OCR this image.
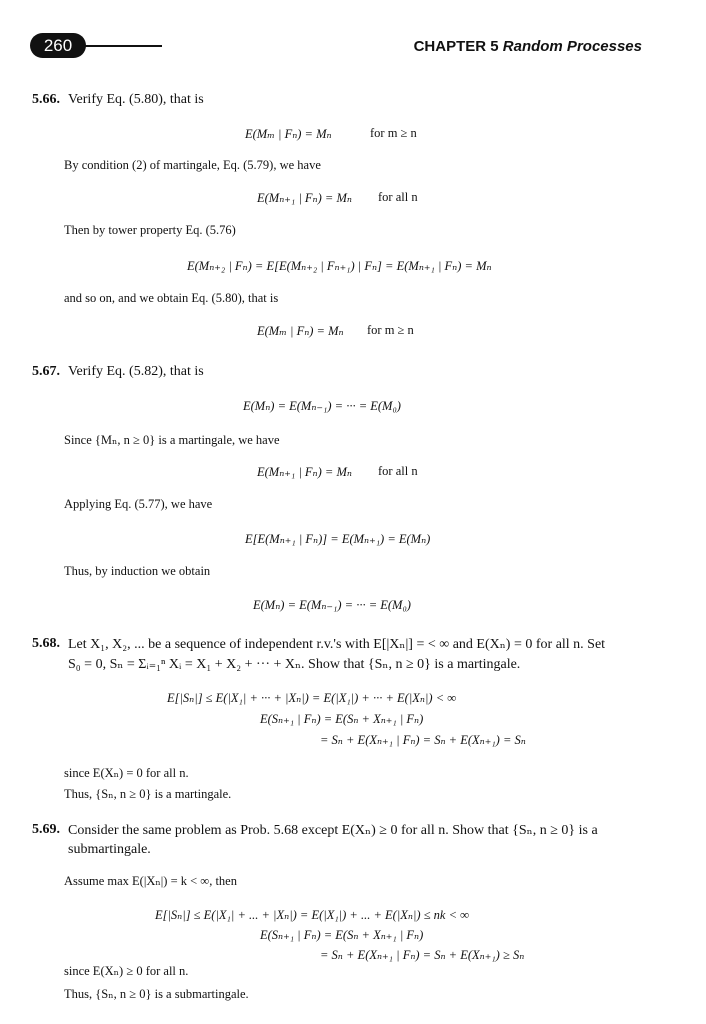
260	CHAPTER 5 Random Processes
5.66. Verify Eq. (5.80), that is
E(Mₘ | Fₙ) = Mₙ	for m ≥ n
By condition (2) of martingale, Eq. (5.79), we have
E(Mₙ₊₁ | Fₙ) = Mₙ for all n
Then by tower property Eq. (5.76)
E(Mₙ₊₂ | Fₙ) = E[E(Mₙ₊₂ | Fₙ₊₁) | Fₙ] = E(Mₙ₊₁ | Fₙ) = Mₙ
and so on, and we obtain Eq. (5.80), that is
E(Mₘ | Fₙ) = Mₙ for m ≥ n
5.67. Verify Eq. (5.82), that is
E(Mₙ) = E(Mₙ₋₁) = ··· = E(M₀)
Since {Mₙ, n ≥ 0} is a martingale, we have
E(Mₙ₊₁ | Fₙ) = Mₙ for all n
Applying Eq. (5.77), we have
E[E(Mₙ₊₁ | Fₙ)] = E(Mₙ₊₁) = E(Mₙ)
Thus, by induction we obtain
E(Mₙ) = E(Mₙ₋₁) = ··· = E(M₀)
5.68. Let X₁, X₂, ... be a sequence of independent r.v.'s with E[|Xₙ|] = < ∞ and E(Xₙ) = 0 for all n. Set
S₀ = 0, Sₙ = Σᵢ₌₁ⁿ Xᵢ = X₁ + X₂ + ··· + Xₙ. Show that {Sₙ, n ≥ 0} is a martingale.
E[|Sₙ|] ≤ E(|X₁| + ··· + |Xₙ|) = E(|X₁|) + ··· + E(|Xₙ|) < ∞
E(Sₙ₊₁ | Fₙ) = E(Sₙ + Xₙ₊₁ | Fₙ)
= Sₙ + E(Xₙ₊₁ | Fₙ) = Sₙ + E(Xₙ₊₁) = Sₙ
since E(Xₙ) = 0 for all n.
Thus, {Sₙ, n ≥ 0} is a martingale.
5.69. Consider the same problem as Prob. 5.68 except E(Xₙ) ≥ 0 for all n. Show that {Sₙ, n ≥ 0} is a
submartingale.
Assume max E(|Xₙ|) = k < ∞, then
E[|Sₙ|] ≤ E(|X₁| + ... + |Xₙ|) = E(|X₁|) + ... + E(|Xₙ|) ≤ nk < ∞
E(Sₙ₊₁ | Fₙ) = E(Sₙ + Xₙ₊₁ | Fₙ)
= Sₙ + E(Xₙ₊₁ | Fₙ) = Sₙ + E(Xₙ₊₁) ≥ Sₙ
since E(Xₙ) ≥ 0 for all n.
Thus, {Sₙ, n ≥ 0} is a submartingale.
